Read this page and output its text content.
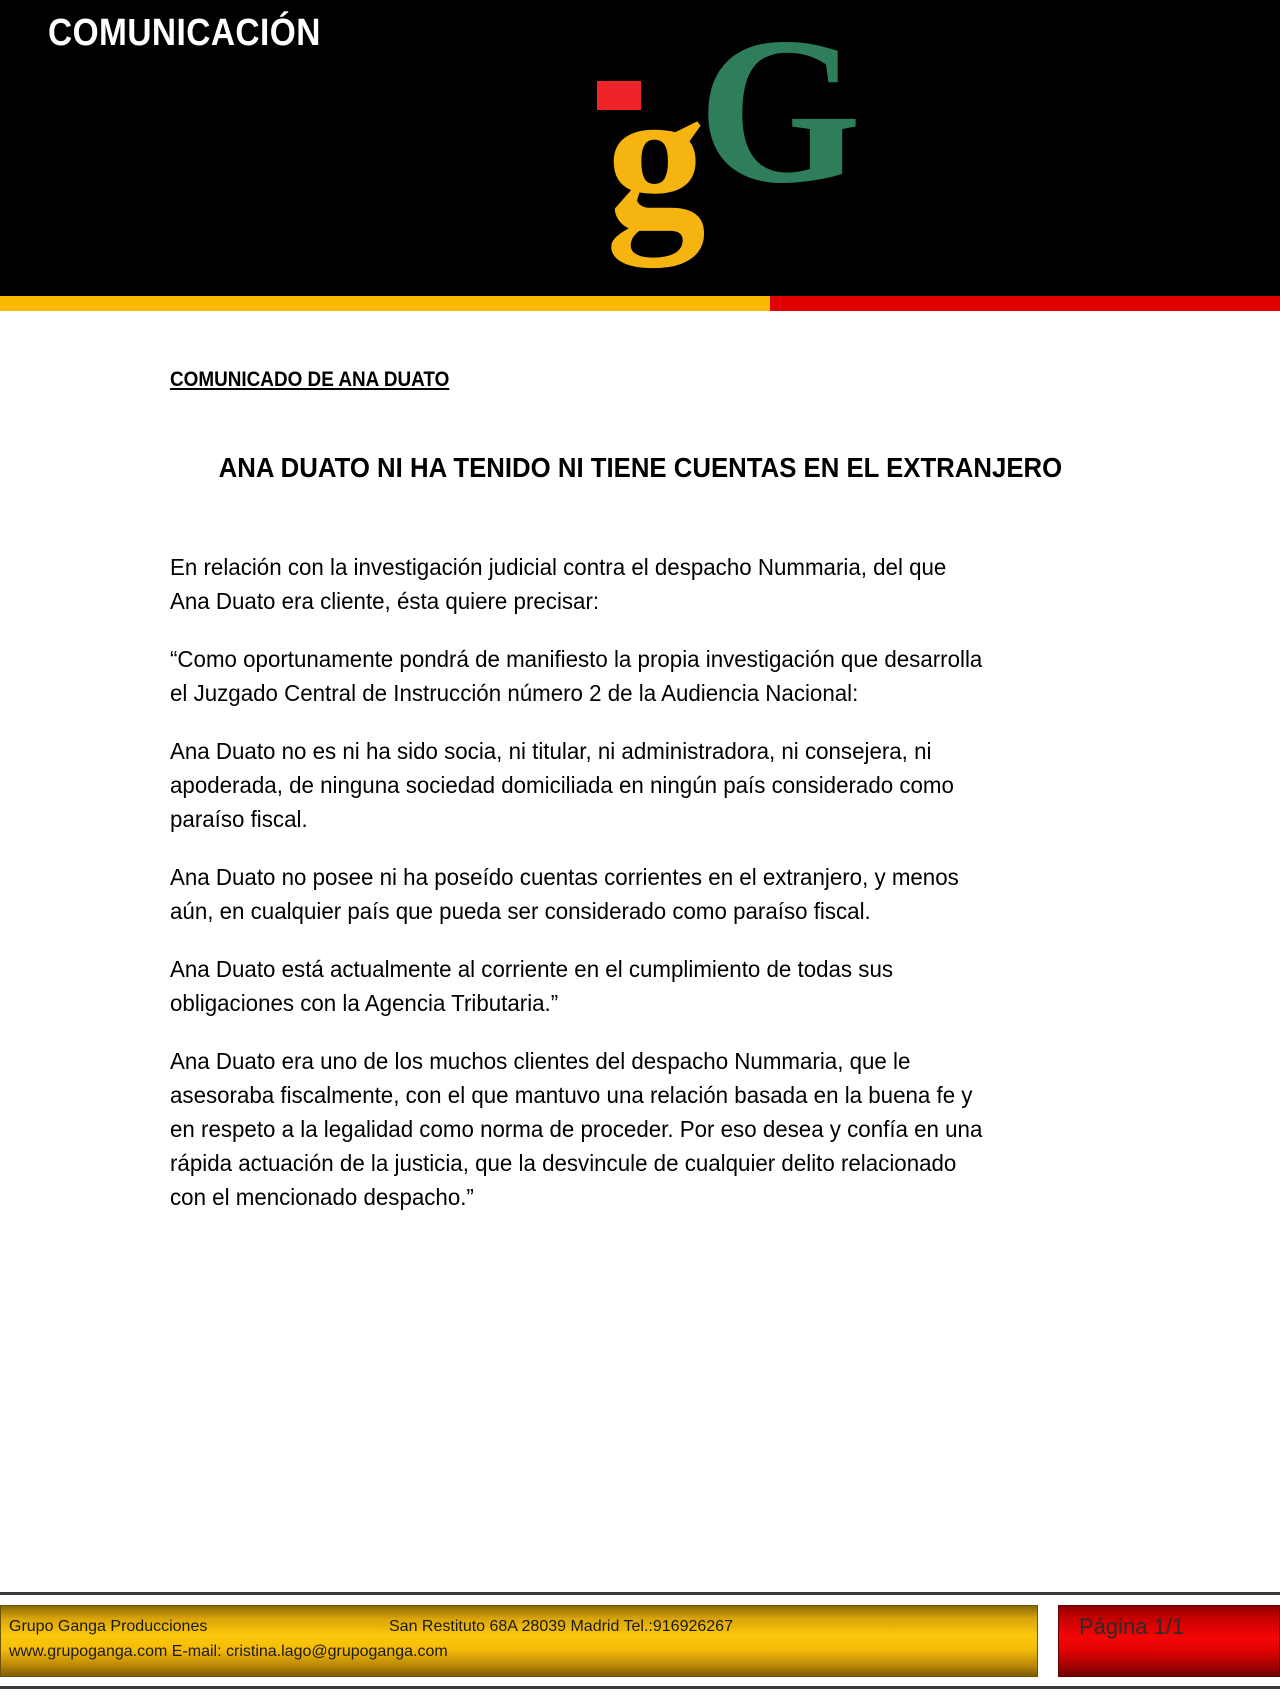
COMUNICACIÓN
g
G
COMUNICADO DE ANA DUATO
ANA DUATO NI HA TENIDO NI TIENE CUENTAS EN EL EXTRANJERO

En relación con la investigación judicial contra el despacho Nummaria, del que Ana Duato era cliente, ésta quiere precisar:

“Como oportunamente pondrá de manifiesto la propia investigación que desarrolla el Juzgado Central de Instrucción número 2 de la Audiencia Nacional:

Ana Duato no es ni ha sido socia, ni titular, ni administradora, ni consejera, ni apoderada, de ninguna sociedad domiciliada en ningún país considerado como paraíso fiscal.

Ana Duato no posee ni ha poseído cuentas corrientes en el extranjero, y menos aún, en cualquier país que pueda ser considerado como paraíso fiscal.

Ana Duato está actualmente al corriente en el cumplimiento de todas sus obligaciones con la Agencia Tributaria.”

Ana Duato era uno de los muchos clientes del despacho Nummaria, que le asesoraba fiscalmente, con el que mantuvo una relación basada en la buena fe y en respeto a la legalidad como norma de proceder. Por eso desea y confía en una rápida actuación de la justicia, que la desvincule de cualquier delito relacionado con el mencionado despacho.”

Grupo Ganga Producciones	San Restituto 68A 28039 Madrid Tel.:916926267
www.grupoganga.com E-mail: cristina.lago@grupoganga.com
Página 1/1
